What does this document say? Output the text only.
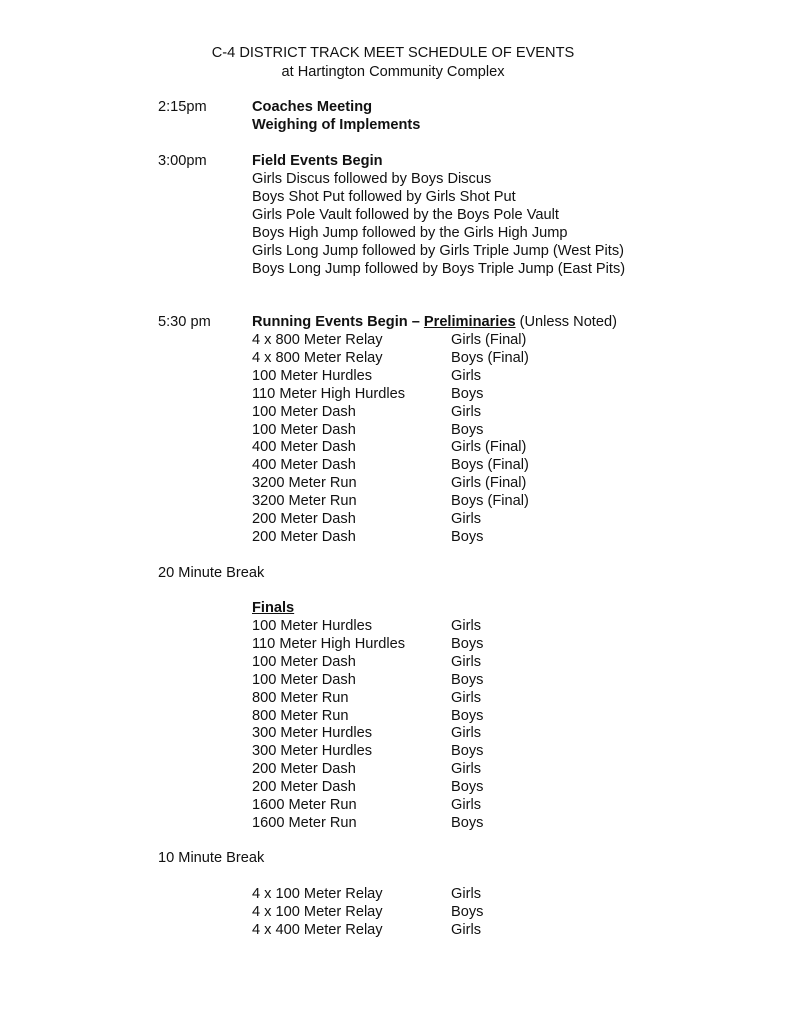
C-4 DISTRICT TRACK MEET SCHEDULE OF EVENTS
at Hartington Community Complex
2:15pm	Coaches Meeting
Weighing of Implements
3:00pm	Field Events Begin
Girls Discus followed by Boys Discus
Boys Shot Put followed by Girls Shot Put
Girls Pole Vault followed by the Boys Pole Vault
Boys High Jump followed by the Girls High Jump
Girls Long Jump followed by Girls Triple Jump (West Pits)
Boys Long Jump followed by Boys Triple Jump (East Pits)
5:30 pm	Running Events Begin – Preliminaries (Unless Noted)
4 x 800 Meter Relay	Girls (Final)
4 x 800 Meter Relay	Boys (Final)
100 Meter Hurdles	Girls
110 Meter High Hurdles	Boys
100 Meter Dash	Girls
100 Meter Dash	Boys
400 Meter Dash	Girls (Final)
400 Meter Dash	Boys (Final)
3200 Meter Run	Girls (Final)
3200 Meter Run	Boys (Final)
200 Meter Dash	Girls
200 Meter Dash	Boys
20 Minute Break
Finals
100 Meter Hurdles	Girls
110 Meter High Hurdles	Boys
100 Meter Dash	Girls
100 Meter Dash	Boys
800 Meter Run	Girls
800 Meter Run	Boys
300 Meter Hurdles	Girls
300 Meter Hurdles	Boys
200 Meter Dash	Girls
200 Meter Dash	Boys
1600 Meter Run	Girls
1600 Meter Run	Boys
10 Minute Break
4 x 100 Meter Relay	Girls
4 x 100 Meter Relay	Boys
4 x 400 Meter Relay	Girls
